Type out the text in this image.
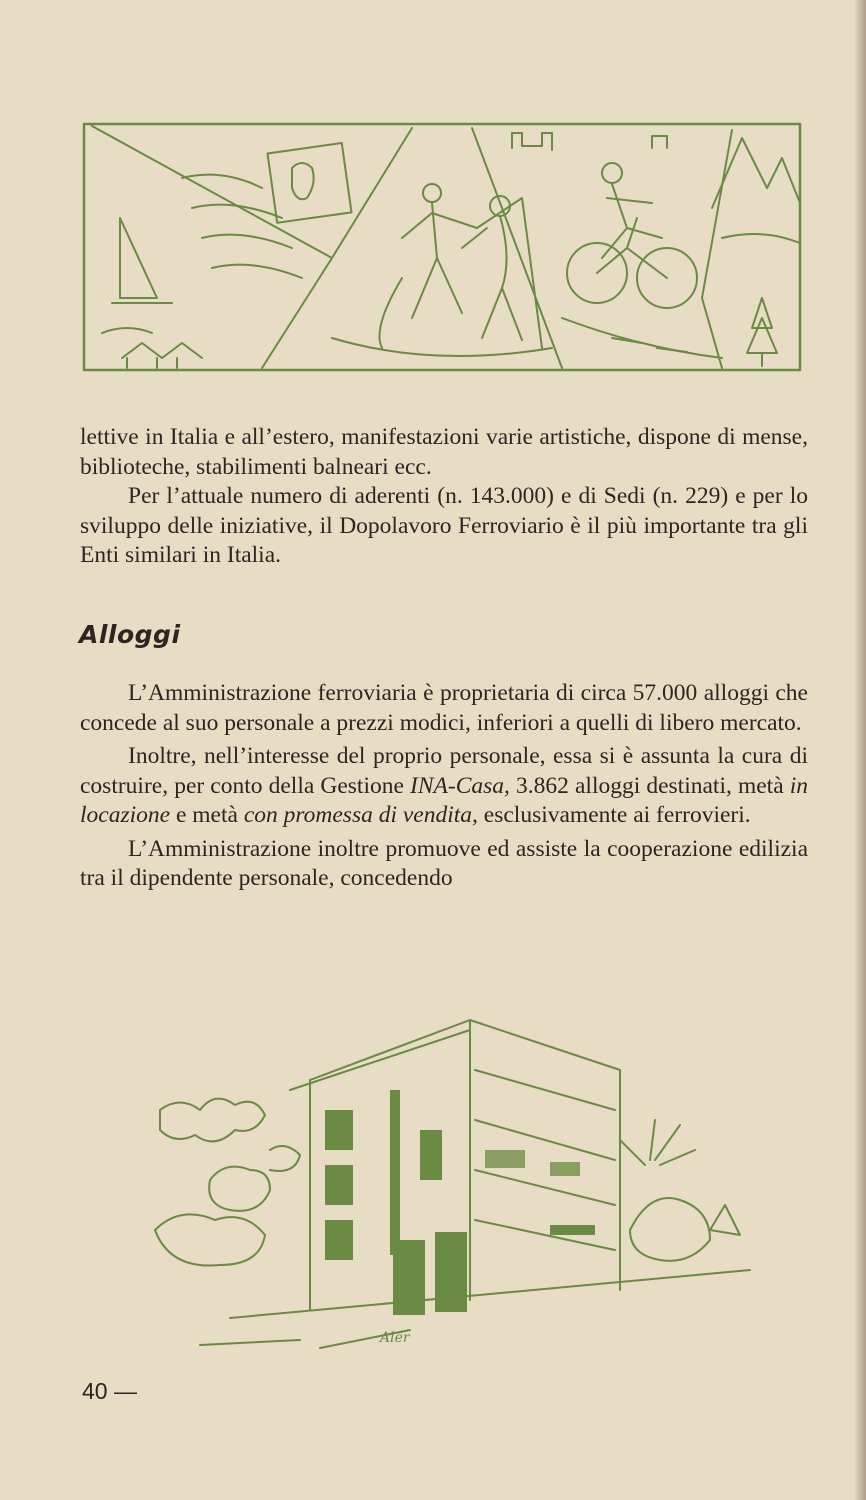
lettive in Italia e all’estero, manifestazioni varie artistiche, dispone di mense, biblioteche, stabilimenti balneari ecc.

Per l’attuale numero di aderenti (n. 143.000) e di Sedi (n. 229) e per lo sviluppo delle iniziative, il Dopolavoro Ferroviario è il più importante tra gli Enti similari in Italia.

Alloggi

L’Amministrazione ferroviaria è proprietaria di circa 57.000 alloggi che concede al suo personale a prezzi modici, inferiori a quelli di libero mercato.

Inoltre, nell’interesse del proprio personale, essa si è assunta la cura di costruire, per conto della Gestione INA-Casa, 3.862 alloggi destinati, metà in locazione e metà con promessa di vendita, esclusivamente ai ferrovieri.

L’Amministrazione inoltre promuove ed assiste la cooperazione edilizia tra il dipendente personale, concedendo

Aler
40 —
